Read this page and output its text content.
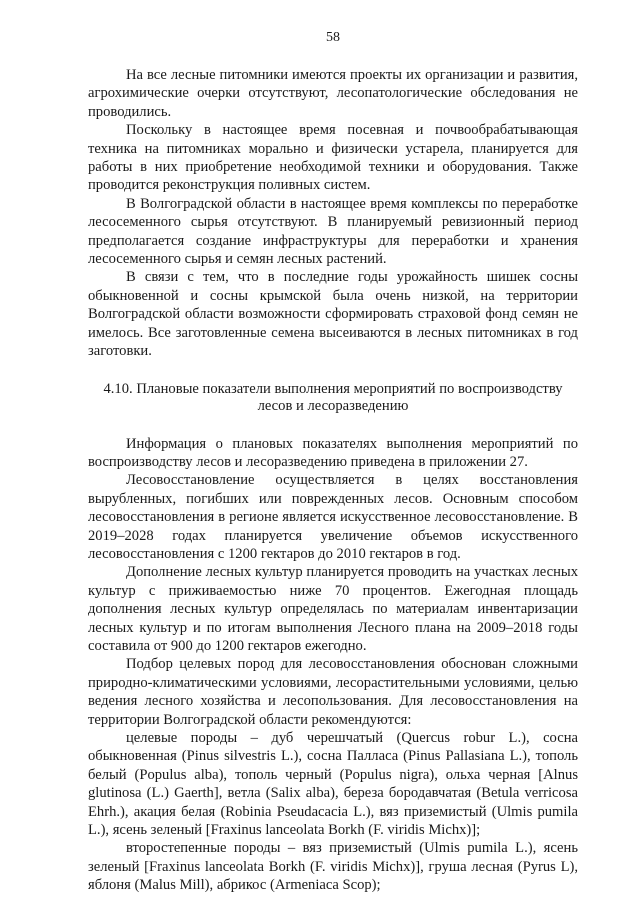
58

На все лесные питомники имеются проекты их организации и развития, агрохимические очерки отсутствуют, лесопатологические обследования не проводились.

Поскольку в настоящее время посевная и почвообрабатывающая техника на питомниках морально и физически устарела, планируется для работы в них приобретение необходимой техники и оборудования. Также проводится реконструкция поливных систем.

В Волгоградской области в настоящее время комплексы по переработке лесосеменного сырья отсутствуют. В планируемый ревизионный период предполагается создание инфраструктуры для переработки и хранения лесосеменного сырья и семян лесных растений.

В связи с тем, что в последние годы урожайность шишек сосны обыкновенной и сосны крымской была очень низкой, на территории Волгоградской области возможности сформировать страховой фонд семян не имелось. Все заготовленные семена высеиваются в лесных питомниках в год заготовки.

4.10. Плановые показатели выполнения мероприятий по воспроизводству
лесов и лесоразведению

Информация о плановых показателях выполнения мероприятий по воспроизводству лесов и лесоразведению приведена в приложении 27.

Лесовосстановление осуществляется в целях восстановления вырубленных, погибших или поврежденных лесов. Основным способом лесовосстановления в регионе является искусственное лесовосстановление. В 2019–2028 годах планируется увеличение объемов искусственного лесовосстановления с 1200 гектаров до 2010 гектаров в год.

Дополнение лесных культур планируется проводить на участках лесных культур с приживаемостью ниже 70 процентов. Ежегодная площадь дополнения лесных культур определялась по материалам инвентаризации лесных культур и по итогам выполнения Лесного плана на 2009–2018 годы составила от 900 до 1200 гектаров ежегодно.

Подбор целевых пород для лесовосстановления обоснован сложными природно-климатическими условиями, лесорастительными условиями, целью ведения лесного хозяйства и лесопользования. Для лесовосстановления на территории Волгоградской области рекомендуются:

целевые породы – дуб черешчатый (Quercus robur L.), сосна обыкновенная (Pinus silvestris L.), сосна Палласа (Pinus Pallasiana L.), тополь белый (Populus alba), тополь черный (Populus nigra), ольха черная [Alnus glutinosa (L.) Gaerth], ветла (Salix alba), береза бородавчатая (Betula verricosa Ehrh.), акация белая (Robinia Pseudacacia L.), вяз приземистый (Ulmis pumila L.), ясень зеленый [Fraxinus lanceolata Borkh (F. viridis Michx)];

второстепенные породы – вяз приземистый (Ulmis pumila L.), ясень зеленый [Fraxinus lanceolata Borkh (F. viridis Michx)], груша лесная (Pyrus L), яблоня (Malus Mill), абрикос (Armeniaca Scop);
